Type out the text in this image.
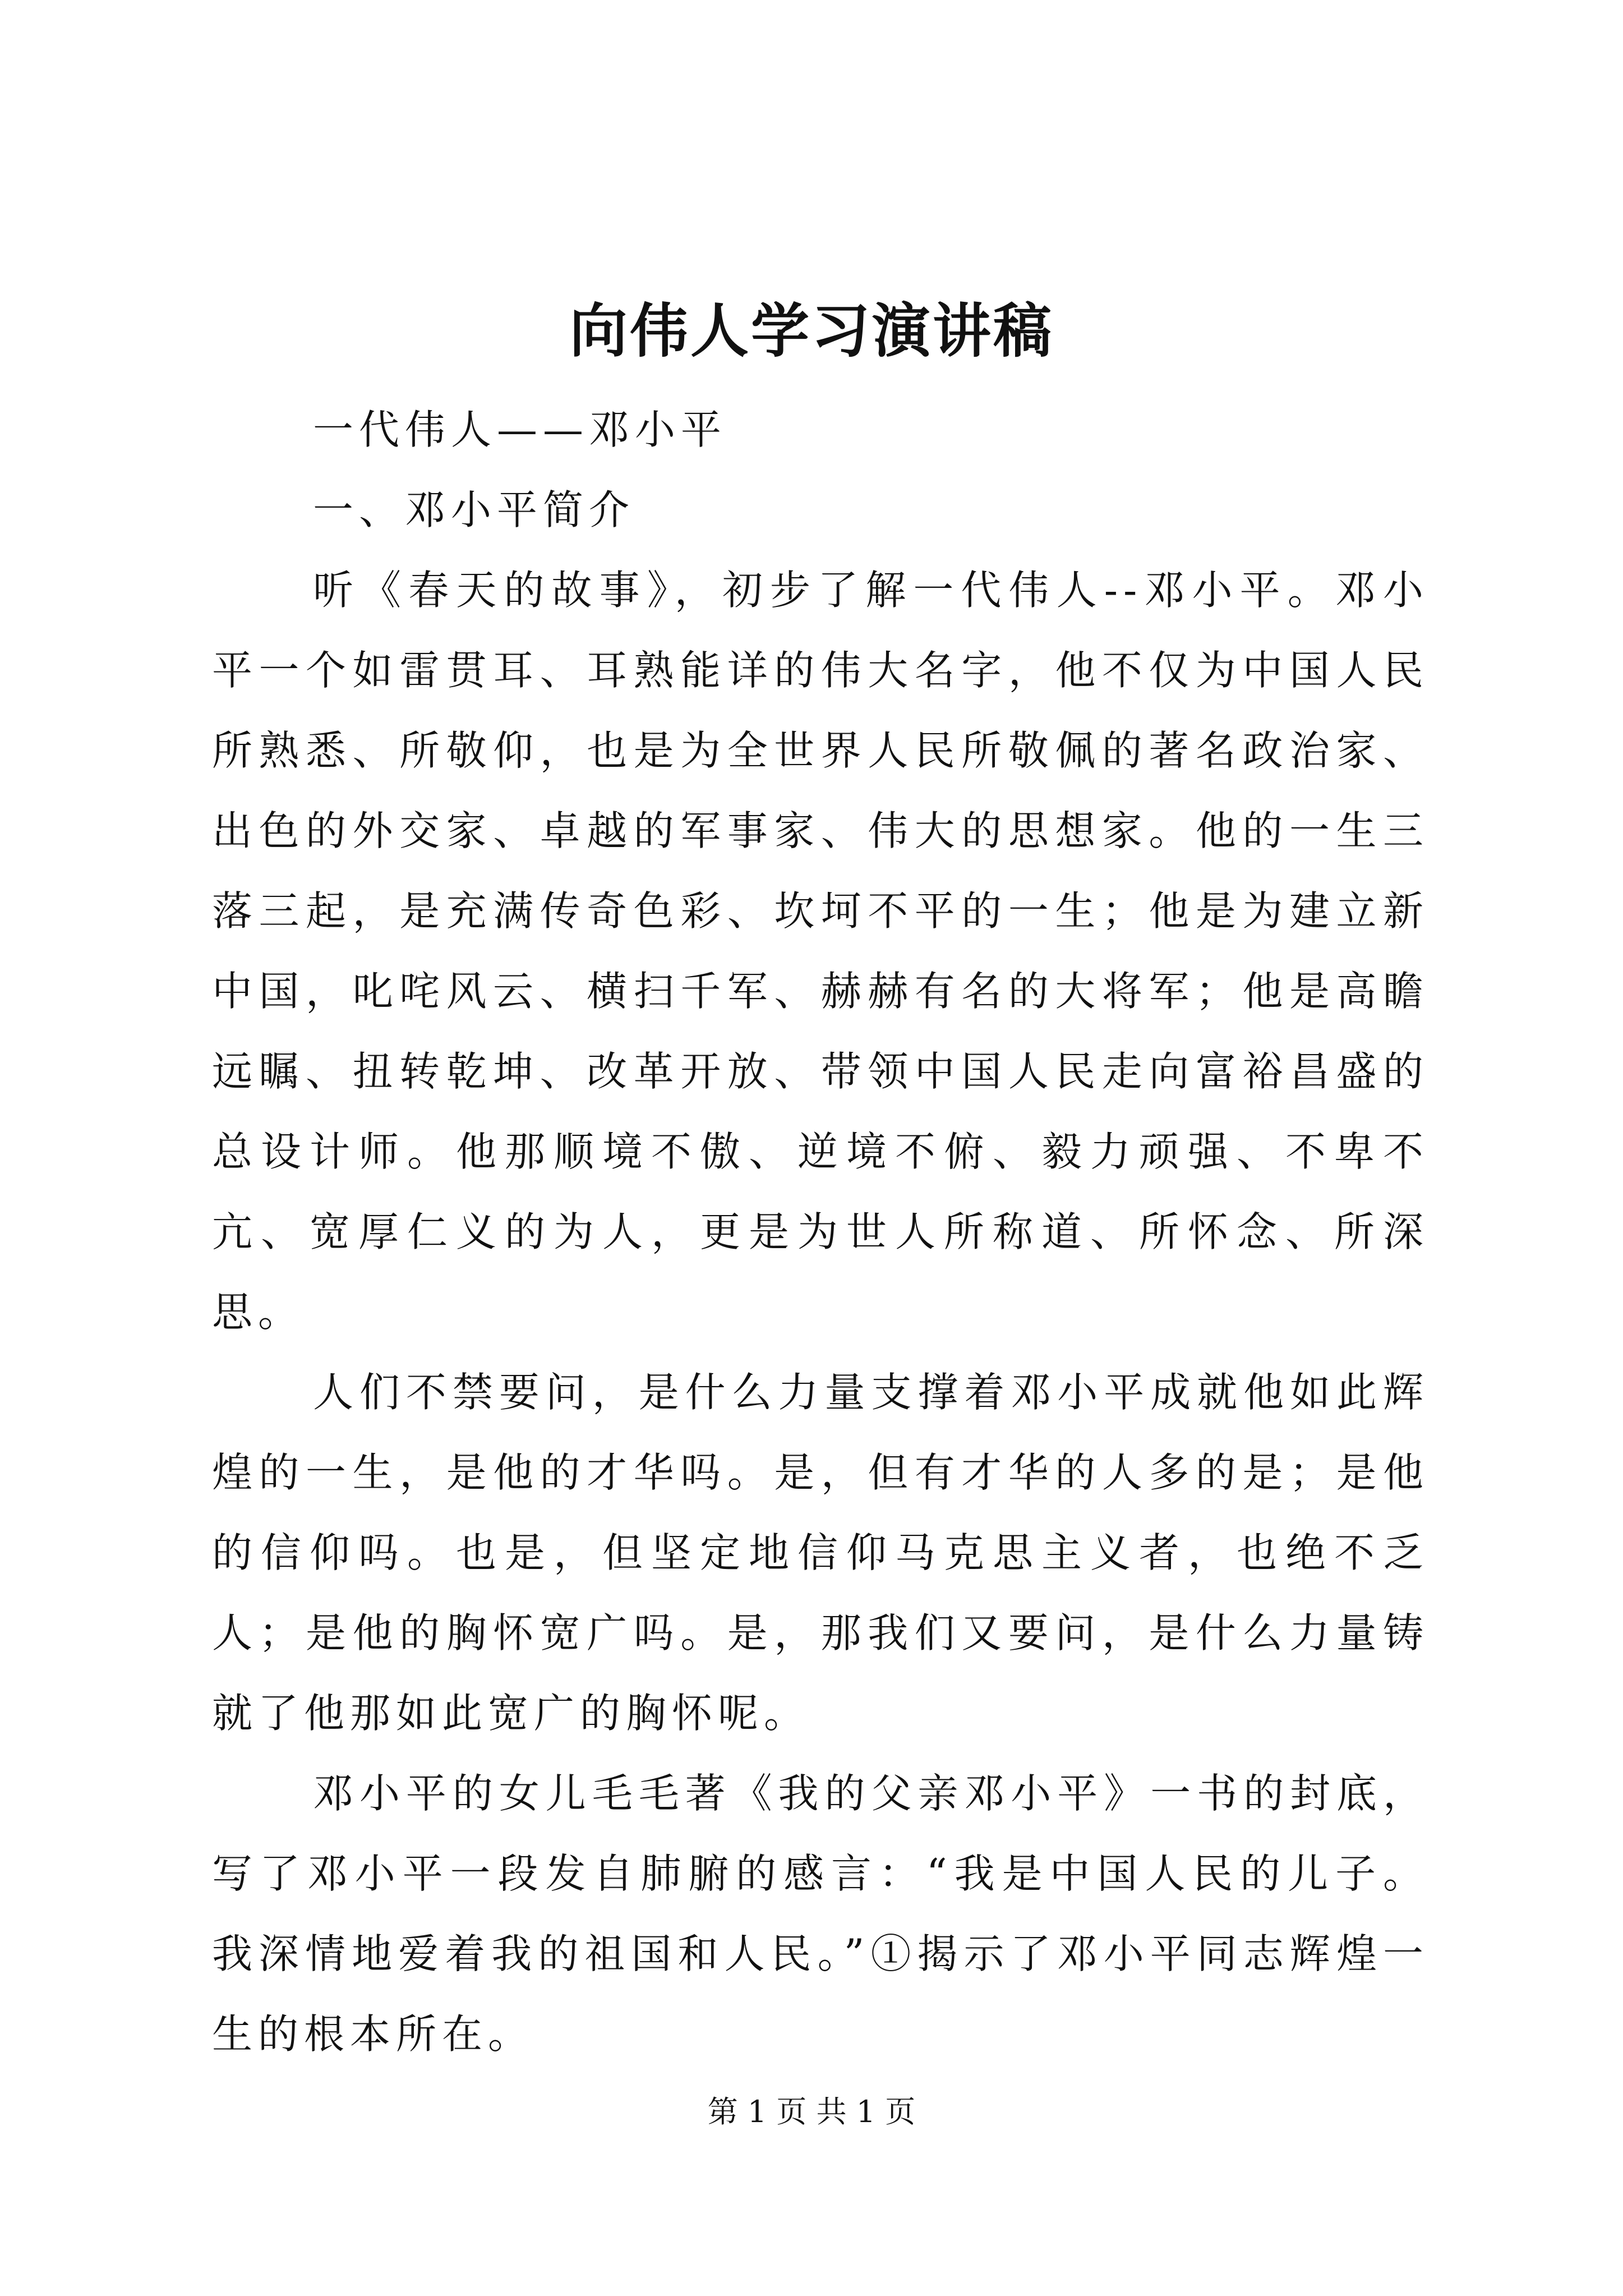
向伟人学习演讲稿

一代伟人——邓小平

一、邓小平简介

听《春天的故事》，初步了解一代伟人--邓小平。邓小平一个如雷贯耳、耳熟能详的伟大名字，他不仅为中国人民所熟悉、所敬仰，也是为全世界人民所敬佩的著名政治家、出色的外交家、卓越的军事家、伟大的思想家。他的一生三落三起，是充满传奇色彩、坎坷不平的一生；他是为建立新中国，叱咤风云、横扫千军、赫赫有名的大将军；他是高瞻远瞩、扭转乾坤、改革开放、带领中国人民走向富裕昌盛的总设计师。他那顺境不傲、逆境不俯、毅力顽强、不卑不亢、宽厚仁义的为人，更是为世人所称道、所怀念、所深思。

人们不禁要问，是什么力量支撑着邓小平成就他如此辉煌的一生，是他的才华吗。是，但有才华的人多的是；是他的信仰吗。也是，但坚定地信仰马克思主义者，也绝不乏人；是他的胸怀宽广吗。是，那我们又要问，是什么力量铸就了他那如此宽广的胸怀呢。

邓小平的女儿毛毛著《我的父亲邓小平》一书的封底，写了邓小平一段发自肺腑的感言：“我是中国人民的儿子。我深情地爱着我的祖国和人民。”①揭示了邓小平同志辉煌一生的根本所在。

第 1 页 共 1 页
